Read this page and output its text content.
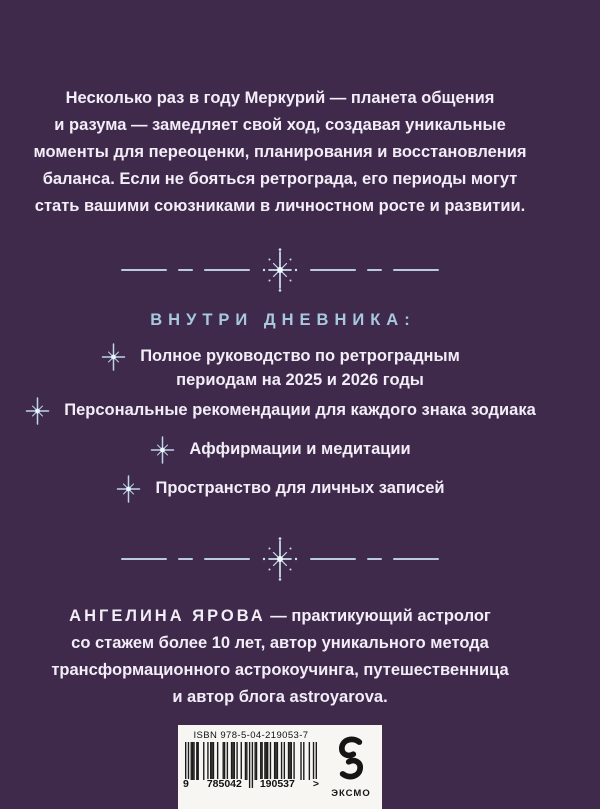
Несколько раз в году Меркурий — планета общения
и разума — замедляет свой ход, создавая уникальные
моменты для переоценки, планирования и восстановления
баланса. Если не бояться ретрограда, его периоды могут
стать вашими союзниками в личностном росте и развитии.
ВНУТРИ ДНЕВНИКА:
Полное руководство по ретроградным
периодам на 2025 и 2026 годы
Персональные рекомендации для каждого знака зодиака
Аффирмации и медитации
Пространство для личных записей
АНГЕЛИНА ЯРОВА — практикующий астролог
со стажем более 10 лет, автор уникального метода
трансформационного астрокоучинга, путешественница
и автор блога astroyarova.
ISBN 978-5-04-219053-7
9 785042 190537 >
ЭКСМО
